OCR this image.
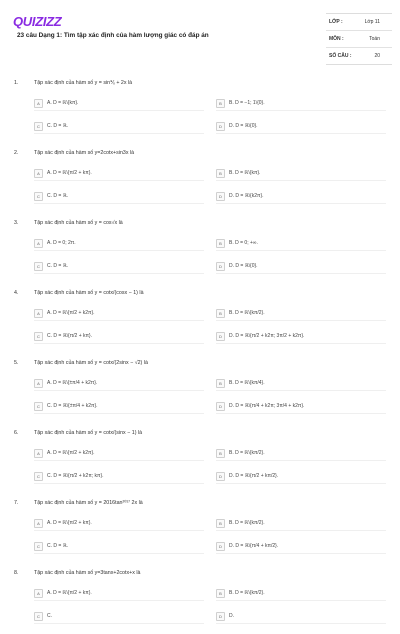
QUIZIZZ
23 câu Dạng 1: Tìm tập xác định của hàm lượng giác có đáp án
LỚP :	Lớp 11
MÔN :	Toán
SỐ CÂU :	20
1.	Tập xác định của hàm số y = sin⅟ₓ + 2x là
A	A. D = ℝ\{kπ}.	B	B. D = −1; 1\{0}.
C	C. D = ℝ.	D	D. D = ℝ\{0}.
2.	Tập xác định của hàm số y=2cotx+sin3x là
A	A. D = ℝ\{π/2 + kπ}.	B	B. D = ℝ\{kπ}.
C	C. D = ℝ.	D	D. D = ℝ\{k2π}.
3.	Tập xác định của hàm số y = cos√x là
A	A. D = 0; 2π.	B	B. D = 0; +∞.
C	C. D = ℝ.	D	D. D = ℝ\{0}.
4.	Tập xác định của hàm số y = cotx/(cosx − 1) là
A	A. D = ℝ\{π/2 + k2π}.	B	B. D = ℝ\{kπ/2}.
C	C. D = ℝ\{π/2 + kπ}.	D	D. D = ℝ\{π/2 + k2π; 3π/2 + k2π}.
5.	Tập xác định của hàm số y = cotx/(2sinx − √2) là
A	A. D = ℝ\{±π/4 + k2π}.	B	B. D = ℝ\{kπ/4}.
C	C. D = ℝ\{±π/4 + k2π}.	D	D. D = ℝ\{π/4 + k2π; 3π/4 + k2π}.
6.	Tập xác định của hàm số y = cotx/(sinx − 1) là
A	A. D = ℝ\{π/2 + k2π}.	B	B. D = ℝ\{kπ/2}.
C	C. D = ℝ\{π/2 + k2π; kπ}.	D	D. D = ℝ\{π/2 + kπ/2}.
7.	Tập xác định của hàm số y = 2016tan²⁰¹⁷ 2x là
A	A. D = ℝ\{π/2 + kπ}.	B	B. D = ℝ\{kπ/2}.
C	C. D = ℝ.	D	D. D = ℝ\{π/4 + kπ/2}.
8.	Tập xác định của hàm số y=3tanx+2cotx+x là
A	A. D = ℝ\{π/2 + kπ}.	B	B. D = ℝ\{kπ/2}.
C	C.	D	D.
